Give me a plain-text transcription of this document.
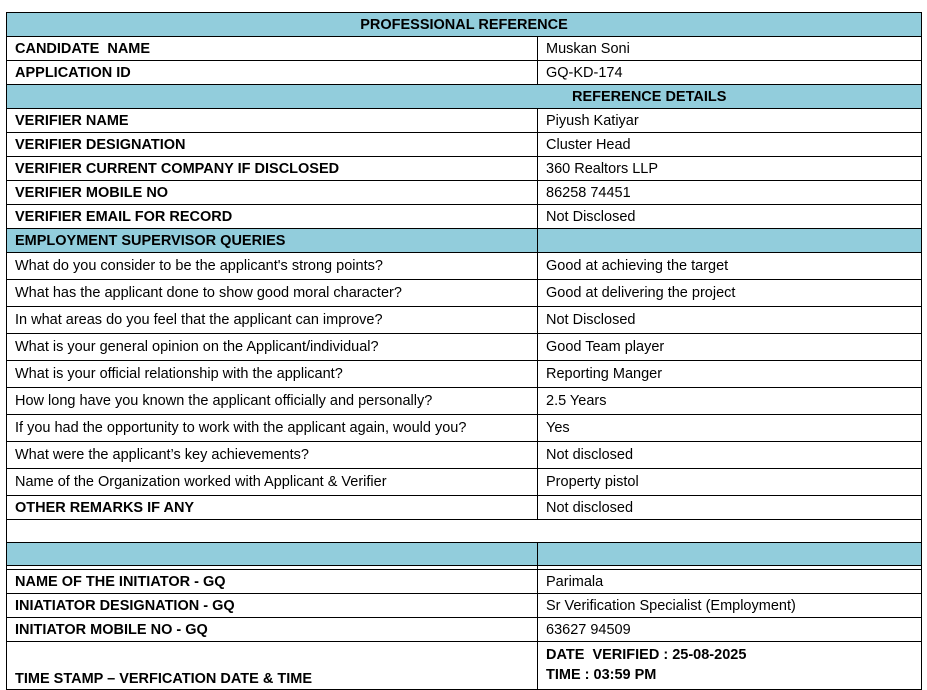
PROFESSIONAL REFERENCE	
CANDIDATE  NAME	Muskan Soni
APPLICATION ID	GQ-KD-174
REFERENCE DETAILS	
VERIFIER NAME	Piyush Katiyar
VERIFIER DESIGNATION	Cluster Head
VERIFIER CURRENT COMPANY IF DISCLOSED	360 Realtors LLP
VERIFIER MOBILE NO	86258 74451
VERIFIER EMAIL FOR RECORD	Not Disclosed
EMPLOYMENT SUPERVISOR QUERIES	
What do you consider to be the applicant's strong points?	Good at achieving the target
What has the applicant done to show good moral character?	Good at delivering the project
In what areas do you feel that the applicant can improve?	Not Disclosed
What is your general opinion on the Applicant/individual?	Good Team player
What is your official relationship with the applicant?	Reporting Manger
How long have you known the applicant officially and personally?	2.5 Years
If you had the opportunity to work with the applicant again, would you?	Yes
What were the applicant’s key achievements?	Not disclosed
Name of the Organization worked with Applicant & Verifier	Property pistol
OTHER REMARKS IF ANY	Not disclosed

NAME OF THE INITIATOR - GQ	Parimala
INIATIATOR DESIGNATION - GQ	Sr Verification Specialist (Employment)
INITIATOR MOBILE NO - GQ	63627 94509
TIME STAMP – VERFICATION DATE & TIME	DATE  VERIFIED : 25-08-2025
TIME : 03:59 PM
